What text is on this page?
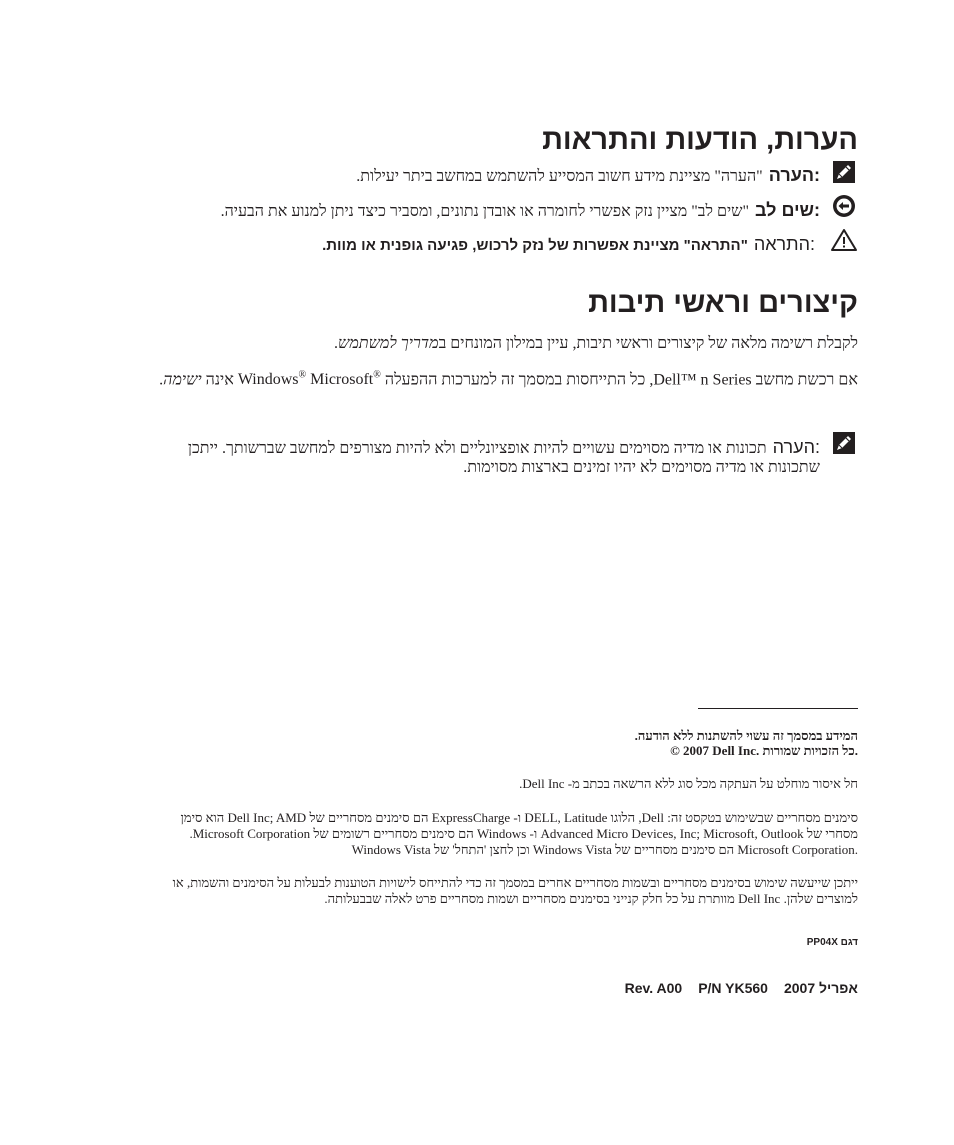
הערות, הודעות והתראות
הערה:
"הערה" מציינת מידע חשוב המסייע להשתמש במחשב ביתר יעילות.
שים לב:
"שים לב" מציין נזק אפשרי לחומרה או אובדן נתונים, ומסביר כיצד ניתן למנוע את הבעיה.
התראה:
"התראה" מציינת אפשרות של נזק לרכוש, פגיעה גופנית או מוות.
קיצורים וראשי תיבות
לקבלת רשימה מלאה של קיצורים וראשי תיבות, עיין במילון המונחים במדריך למשתמש.
אם רכשת מחשב Dell™ n Series, כל התייחסות במסמך זה למערכות ההפעלה Windows® Microsoft® אינה ישימה.
הערה:
תכונות או מדיה מסוימים עשויים להיות אופציונליים ולא להיות מצורפים למחשב שברשותך. ייתכן
שתכונות או מדיה מסוימים לא יהיו זמינים בארצות מסוימות.
המידע במסמך זה עשוי להשתנות ללא הודעה.
© 2007 Dell Inc. כל הזכויות שמורות.
חל איסור מוחלט על העתקה מכל סוג ללא הרשאה בכתב מ- Dell Inc.
סימנים מסחריים שבשימוש בטקסט זה: Dell, הלוגו DELL, Latitude ו- ExpressCharge הם סימנים מסחריים של Dell Inc; AMD הוא סימן
מסחרי של Advanced Micro Devices, Inc; Microsoft, Outlook ו- Windows הם סימנים מסחריים רשומים של Microsoft Corporation.
Windows Vista וכן לחצן 'התחל' של Windows Vista הם סימנים מסחריים של Microsoft Corporation.
ייתכן שייעשה שימוש בסימנים מסחריים ובשמות מסחריים אחרים במסמך זה כדי להתייחס לישויות הטוענות לבעלות על הסימנים והשמות, או
למוצרים שלהן. Dell Inc מוותרת על כל חלק קנייני בסימנים מסחריים ושמות מסחריים פרט לאלה שבבעלותה.
דגם PP04X
אפריל 2007
P/N YK560
Rev. A00
